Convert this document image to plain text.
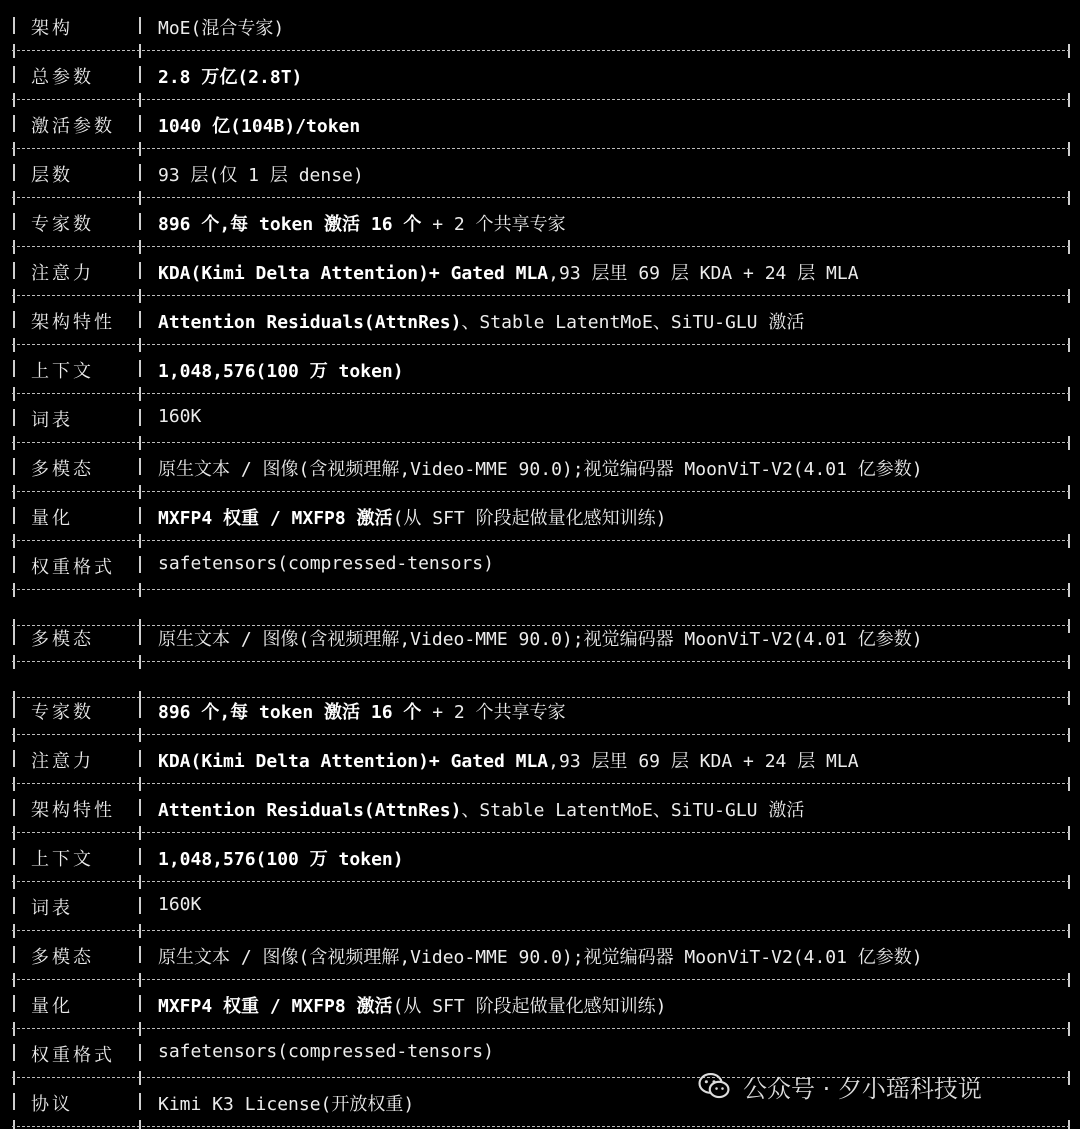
架构	MoE(混合专家)
总参数	2.8 万亿(2.8T)
激活参数 1040 亿(104B)/token
层数	93 层(仅 1 层 dense)
专家数	896 个,每 token 激活 16 个 + 2 个共享专家
注意力	KDA(Kimi Delta Attention)+ Gated MLA,93 层里 69 层 KDA + 24 层 MLA
架构特性 Attention Residuals(AttnRes)、Stable LatentMoE、SiTU-GLU 激活
上下文	1,048,576(100 万 token)
词表	160K
多模态	原生文本 / 图像(含视频理解,Video-MME 90.0);视觉编码器 MoonViT-V2(4.01 亿参数)
量化	MXFP4 权重 / MXFP8 激活(从 SFT 阶段起做量化感知训练)
权重格式 safetensors(compressed-tensors)
多模态	原生文本 / 图像(含视频理解,Video-MME 90.0);视觉编码器 MoonViT-V2(4.01 亿参数)
专家数	896 个,每 token 激活 16 个 + 2 个共享专家
注意力	KDA(Kimi Delta Attention)+ Gated MLA,93 层里 69 层 KDA + 24 层 MLA
架构特性 Attention Residuals(AttnRes)、Stable LatentMoE、SiTU-GLU 激活
上下文	1,048,576(100 万 token)
词表	160K
多模态	原生文本 / 图像(含视频理解,Video-MME 90.0);视觉编码器 MoonViT-V2(4.01 亿参数)
量化	MXFP4 权重 / MXFP8 激活(从 SFT 阶段起做量化感知训练)
权重格式 safetensors(compressed-tensors)
协议	Kimi K3 License(开放权重)
公众号 · 夕小瑶科技说
